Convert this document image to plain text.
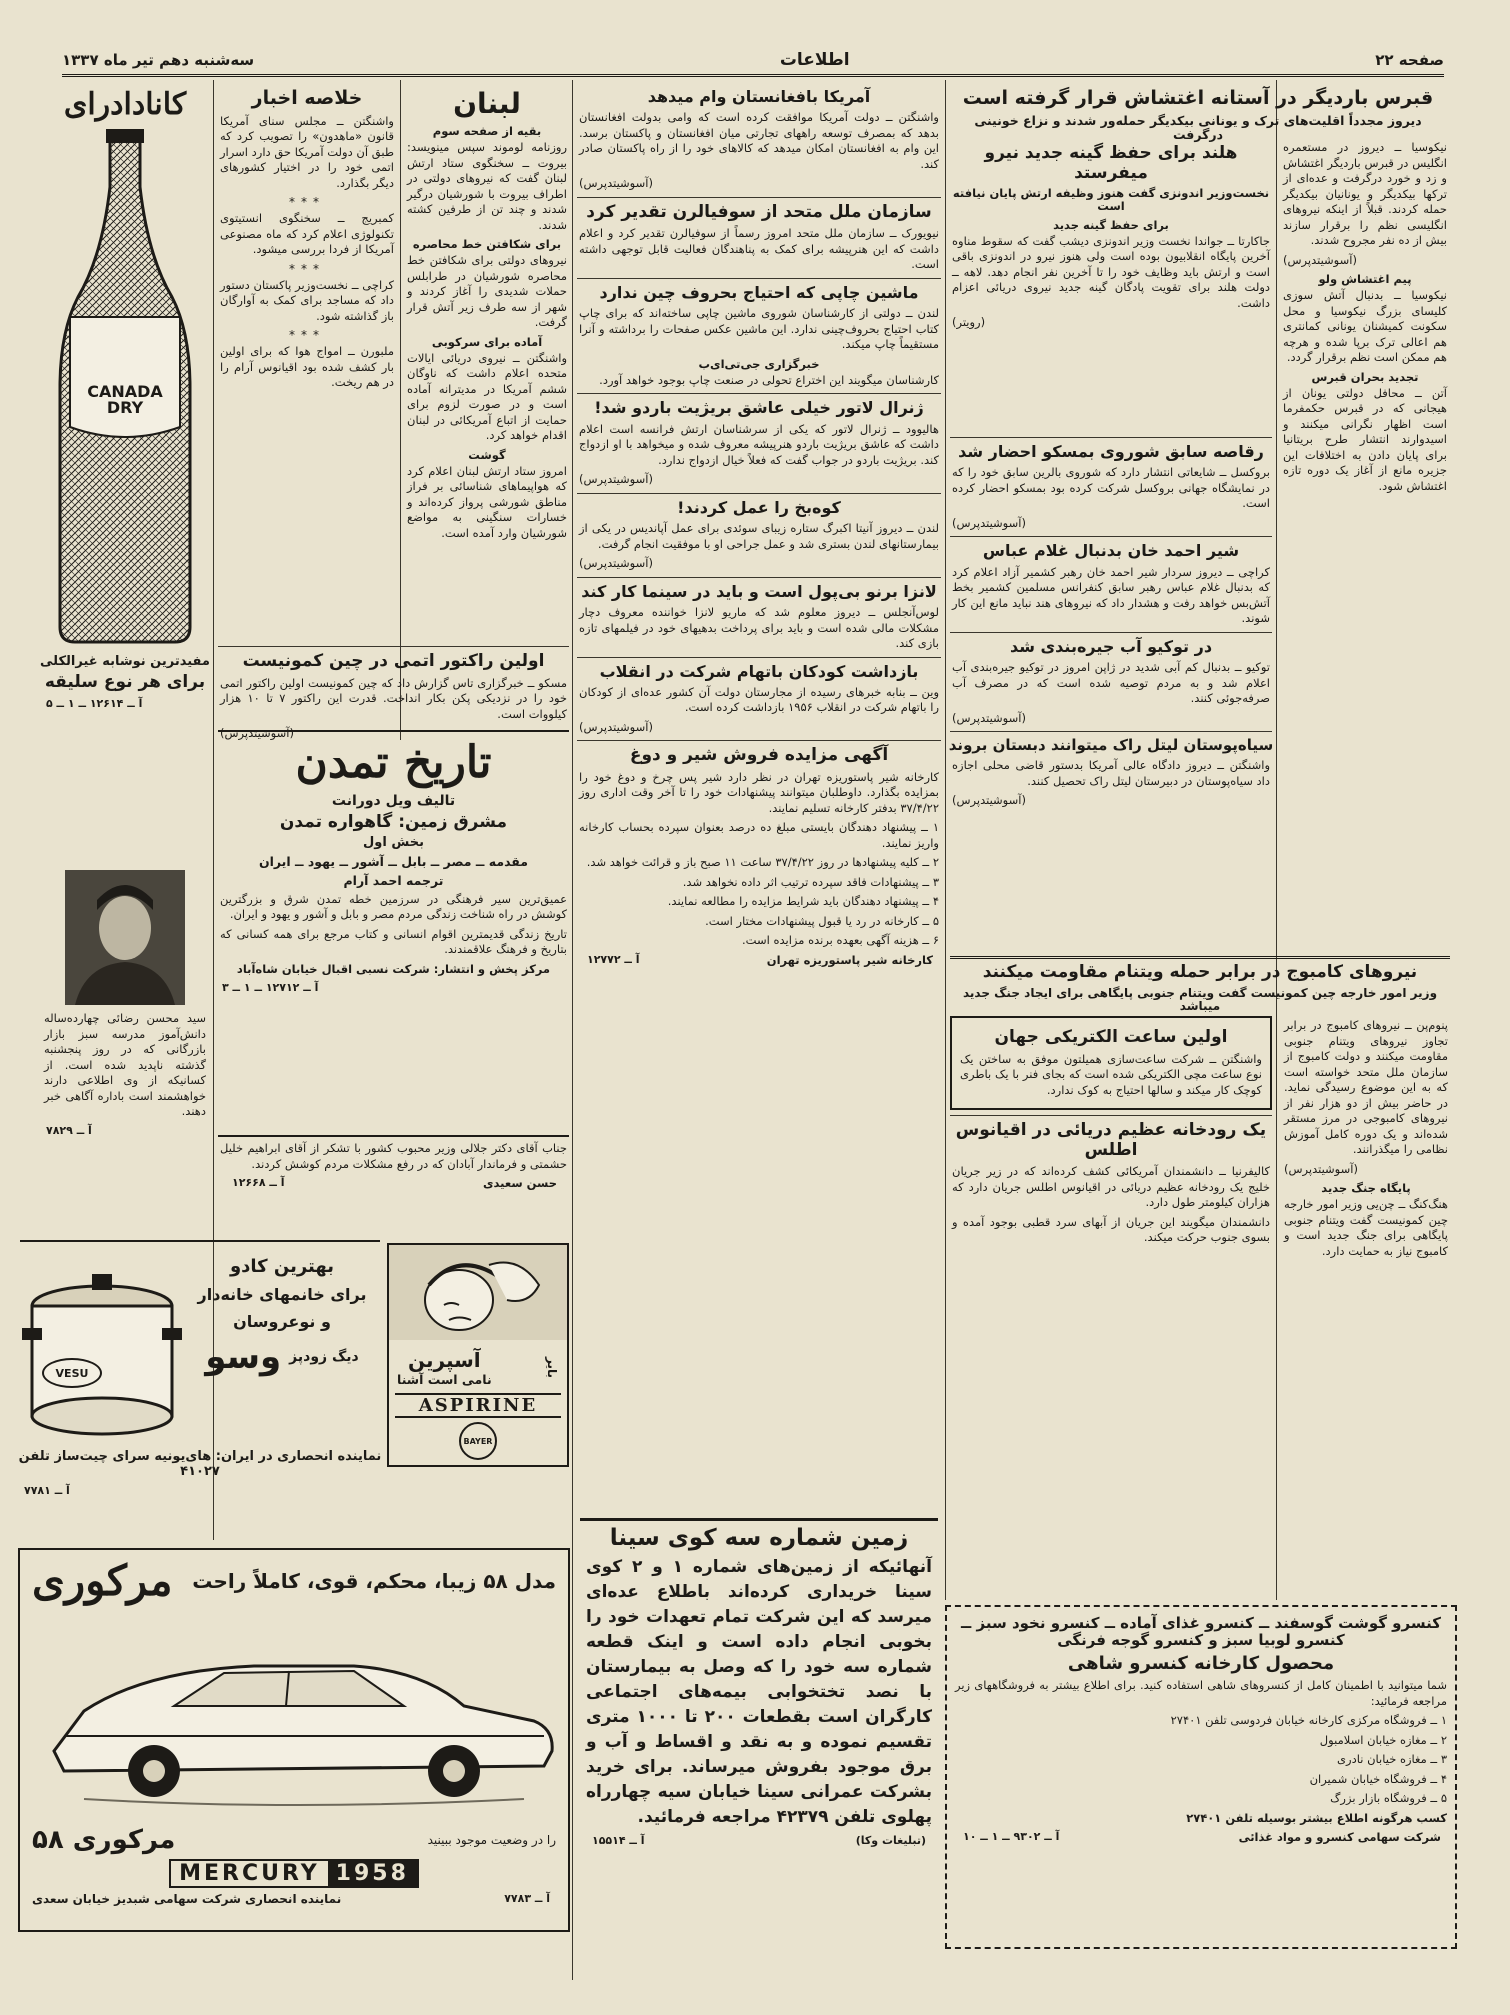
صفحه ۲۲
اطلاعات
سه‌شنبه دهم تیر ماه ۱۳۳۷
قبرس باردیگر در آستانه اغتشاش قرار گرفته است
دیروز مجدداً اقلیت‌های ترک و یونانی بیکدیگر حمله‌ور شدند و نزاع خونینی درگرفت
هلند برای حفظ گینه جدید نیرو میفرستد
نخست‌وزیر اندونزی گفت هنوز وظیفه ارتش پایان نیافته است
برای حفظ گینه جدید

جاکارتا ــ جواندا نخست وزیر اندونزی دیشب گفت که سقوط مناوه آخرین پایگاه انقلابیون بوده است ولی هنوز نیرو در اندونزی باقی است و ارتش باید وظایف خود را تا آخرین نفر انجام دهد. لاهه ــ دولت هلند برای تقویت پادگان گینه جدید نیروی دریائی اعزام داشت.

(رویتر)

نیکوسیا ــ دیروز در مستعمره انگلیس در قبرس باردیگر اغتشاش و زد و خورد درگرفت و عده‌ای از ترکها بیکدیگر و یونانیان بیکدیگر حمله کردند. قبلاً از اینکه نیروهای انگلیسی نظم را برقرار سازند بیش از ده نفر مجروح شدند.

(آسوشیتدپرس)

پیم اغتشاش ولو

نیکوسیا ــ بدنبال آتش سوزی کلیسای بزرگ نیکوسیا و محل سکونت کمیشنان یونانی کمانتری هم اعالی ترک برپا شده و هرچه هم ممکن است نظم برقرار گردد.

تجدید بحران قبرس

آتن ــ محافل دولتی یونان از هیجانی که در قبرس حکمفرما است اظهار نگرانی میکنند و اسیدوارند انتشار طرح بریتانیا برای پایان دادن به اختلافات این جزیره مانع از آغاز یک دوره تازه اغتشاش شود.

رقاصه سابق شوروی بمسکو احضار شد

بروکسل ــ شایعاتی انتشار دارد که شوروی بالرین سابق خود را که در نمایشگاه جهانی بروکسل شرکت کرده بود بمسکو احضار کرده است.

(آسوشیتدپرس)

شیر احمد خان بدنبال غلام عباس

کراچی ــ دیروز سردار شیر احمد خان رهبر کشمیر آزاد اعلام کرد که بدنبال غلام عباس رهبر سابق کنفرانس مسلمین کشمیر بخط آتش‌بس خواهد رفت و هشدار داد که نیروهای هند نباید مانع این کار شوند.

در توکیو آب جیره‌بندی شد

توکیو ــ بدنبال کم آبی شدید در ژاپن امروز در توکیو جیره‌بندی آب اعلام شد و به مردم توصیه شده است که در مصرف آب صرفه‌جوئی کنند.

(آسوشیتدپرس)

سیاه‌پوستان لیتل راک میتوانند دبستان بروند

واشنگتن ــ دیروز دادگاه عالی آمریکا بدستور قاضی محلی اجازه داد سیاه‌پوستان در دبیرستان لیتل راک تحصیل کنند.

(آسوشیتدپرس)

نیروهای کامبوج در برابر حمله ویتنام مقاومت میکنند
وزیر امور خارجه چین کمونیست گفت ویتنام جنوبی پایگاهی برای ایجاد جنگ جدید میباشد

پنوم‌پن ــ نیروهای کامبوج در برابر تجاوز نیروهای ویتنام جنوبی مقاومت میکنند و دولت کامبوج از سازمان ملل متحد خواسته است که به این موضوع رسیدگی نماید. در حاضر بیش از دو هزار نفر از نیروهای کامبوجی در مرز مستقر شده‌اند و یک دوره کامل آموزش نظامی را میگذرانند.

(آسوشیتدپرس)

پایگاه جنگ جدید

هنگ‌کنگ ــ چن‌یی وزیر امور خارجه چین کمونیست گفت ویتنام جنوبی پایگاهی برای جنگ جدید است و کامبوج نیاز به حمایت دارد.

اولین ساعت الکتریکی جهان

واشنگتن ــ شرکت ساعت‌سازی همیلتون موفق به ساختن یک نوع ساعت مچی الکتریکی شده است که بجای فنر با یک باطری کوچک کار میکند و سالها احتیاج به کوک ندارد.

یک رودخانه عظیم دریائی در اقیانوس اطلس

کالیفرنیا ــ دانشمندان آمریکائی کشف کرده‌اند که در زیر جریان خلیج یک رودخانه عظیم دریائی در اقیانوس اطلس جریان دارد که هزاران کیلومتر طول دارد.

دانشمندان میگویند این جریان از آبهای سرد قطبی بوجود آمده و بسوی جنوب حرکت میکند.

آمریکا بافغانستان وام میدهد

واشنگتن ــ دولت آمریکا موافقت کرده است که وامی بدولت افغانستان بدهد که بمصرف توسعه راههای تجارتی میان افغانستان و پاکستان برسد. این وام به افغانستان امکان میدهد که کالاهای خود را از راه پاکستان صادر کند.

(آسوشیتدپرس)

سازمان ملل متحد از سوفیالرن تقدیر کرد

نیویورک ــ سازمان ملل متحد امروز رسماً از سوفیالرن تقدیر کرد و اعلام داشت که این هنرپیشه برای کمک به پناهندگان فعالیت قابل توجهی داشته است.

ماشین چاپی که احتیاج بحروف چین ندارد

لندن ــ دولتی از کارشناسان شوروی ماشین چاپی ساخته‌اند که برای چاپ کتاب احتیاج بحروف‌چینی ندارد. این ماشین عکس صفحات را برداشته و آنرا مستقیماً چاپ میکند.

خبرگزاری جی‌تی‌ای‌ب

کارشناسان میگویند این اختراع تحولی در صنعت چاپ بوجود خواهد آورد.

ژنرال لاتور خیلی عاشق بریژیت باردو شد!

هالیوود ــ ژنرال لاتور که یکی از سرشناسان ارتش فرانسه است اعلام داشت که عاشق بریژیت باردو هنرپیشه معروف شده و میخواهد با او ازدواج کند. بریژیت باردو در جواب گفت که فعلاً خیال ازدواج ندارد.

(آسوشیتدپرس)

کوه‌بخ را عمل کردند!

لندن ــ دیروز آنیتا اکبرگ ستاره زیبای سوئدی برای عمل آپاندیس در یکی از بیمارستانهای لندن بستری شد و عمل جراحی او با موفقیت انجام گرفت.

(آسوشیتدپرس)

لانزا برنو بی‌پول است و باید در سینما کار کند

لوس‌آنجلس ــ دیروز معلوم شد که ماریو لانزا خواننده معروف دچار مشکلات مالی شده است و باید برای پرداخت بدهیهای خود در فیلمهای تازه بازی کند.

بازداشت کودکان باتهام شرکت در انقلاب

وین ــ بنابه خبرهای رسیده از مجارستان دولت آن کشور عده‌ای از کودکان را باتهام شرکت در انقلاب ۱۹۵۶ بازداشت کرده است.

(آسوشیتدپرس)

آگهی مزایده فروش شیر و دوغ

کارخانه شیر پاستوریزه تهران در نظر دارد شیر پس چرخ و دوغ خود را بمزایده بگذارد. داوطلبان میتوانند پیشنهادات خود را تا آخر وقت اداری روز ۳۷/۴/۲۲ بدفتر کارخانه تسلیم نمایند.

۱ ــ پیشنهاد دهندگان بایستی مبلغ ده درصد بعنوان سپرده بحساب کارخانه واریز نمایند.

۲ ــ کلیه پیشنهادها در روز ۳۷/۴/۲۲ ساعت ۱۱ صبح باز و قرائت خواهد شد.

۳ ــ پیشنهادات فاقد سپرده ترتیب اثر داده نخواهد شد.

۴ ــ پیشنهاد دهندگان باید شرایط مزایده را مطالعه نمایند.

۵ ــ کارخانه در رد یا قبول پیشنهادات مختار است.

۶ ــ هزینه آگهی بعهده برنده مزایده است.

کارخانه شیر پاستوریزه تهران
آ ــ ۱۲۷۷۲
زمین شماره سه کوی سینا

آنهائیکه از زمین‌های شماره ۱ و ۲ کوی سینا خریداری کرده‌اند باطلاع عده‌ای میرسد که این شرکت تمام تعهدات خود را بخوبی انجام داده است و اینک قطعه شماره سه خود را که وصل به بیمارستان با نصد تختخوابی بیمه‌های اجتماعی کارگران است بقطعات ۲۰۰ تا ۱۰۰۰ متری تقسیم نموده و به نقد و اقساط و آب و برق موجود بفروش میرساند. برای خرید بشرکت عمرانی سینا خیابان سیه چهارراه پهلوی تلفن ۴۲۳۷۹ مراجعه فرمائید.

(تبلیغات وکا)
آ ــ ۱۵۵۱۴
کنسرو گوشت گوسفند ــ کنسرو غذای آماده ــ کنسرو نخود سبز ــ کنسرو لوبیا سبز و کنسرو گوجه فرنگی
محصول کارخانه کنسرو شاهی

شما میتوانید با اطمینان کامل از کنسروهای شاهی استفاده کنید. برای اطلاع بیشتر به فروشگاههای زیر مراجعه فرمائید:

۱ ــ فروشگاه مرکزی کارخانه خیابان فردوسی تلفن ۲۷۴۰۱

۲ ــ مغازه خیابان اسلامبول

۳ ــ مغازه خیابان نادری

۴ ــ فروشگاه خیابان شمیران

۵ ــ فروشگاه بازار بزرگ

کسب هرگونه اطلاع بیشتر بوسیله تلفن ۲۷۴۰۱

شرکت سهامی کنسرو و مواد غذائی
آ ــ ۹۳۰۲ ــ ۱ ــ ۱۰
لبنان
بقیه از صفحه سوم

روزنامه لوموند سپس مینویسد: بیروت ــ سخنگوی ستاد ارتش لبنان گفت که نیروهای دولتی در اطراف بیروت با شورشیان درگیر شدند و چند تن از طرفین کشته شدند.

برای شکافتن خط محاصره

نیروهای دولتی برای شکافتن خط محاصره شورشیان در طرابلس حملات شدیدی را آغاز کردند و شهر از سه طرف زیر آتش قرار گرفت.

آماده برای سرکوبی

واشنگتن ــ نیروی دریائی ایالات متحده اعلام داشت که ناوگان ششم آمریکا در مدیترانه آماده است و در صورت لزوم برای حمایت از اتباع آمریکائی در لبنان اقدام خواهد کرد.

گوشت

امروز ستاد ارتش لبنان اعلام کرد که هواپیماهای شناسائی بر فراز مناطق شورشی پرواز کرده‌اند و خسارات سنگینی به مواضع شورشیان وارد آمده است.

خلاصه اخبار

واشنگتن ــ مجلس سنای آمریکا قانون «ماهدون» را تصویب کرد که طبق آن دولت آمریکا حق دارد اسرار اتمی خود را در اختیار کشورهای دیگر بگذارد.

***

کمبریج ــ سخنگوی انستیتوی تکنولوژی اعلام کرد که ماه مصنوعی آمریکا از فردا بررسی میشود.

***

کراچی ــ نخست‌وزیر پاکستان دستور داد که مساجد برای کمک به آوارگان باز گذاشته شود.

***

ملبورن ــ امواج هوا که برای اولین بار کشف شده بود اقیانوس آرام را در هم ریخت.

اولین راکتور اتمی در چین کمونیست

مسکو ــ خبرگزاری تاس گزارش داد که چین کمونیست اولین راکتور اتمی خود را در نزدیکی پکن بکار انداخت. قدرت این راکتور ۷ تا ۱۰ هزار کیلووات است.

(آسوشیتدپرس)

تاریخ تمدن
تالیف ویل دورانت
مشرق زمین: گاهواره تمدن
بخش اول
مقدمه ــ مصر ــ بابل ــ آشور ــ یهود ــ ایران
ترجمه احمد آرام

عمیق‌ترین سیر فرهنگی در سرزمین خطه تمدن شرق و بزرگترین کوشش در راه شناخت زندگی مردم مصر و بابل و آشور و یهود و ایران.

تاریخ زندگی قدیمترین اقوام انسانی و کتاب مرجع برای همه کسانی که بتاریخ و فرهنگ علاقمندند.

مرکز پخش و انتشار: شرکت نسبی اقبال خیابان شاه‌آباد

آ ــ ۱۲۷۱۲ ــ ۱ ــ ۳

جناب آقای دکتر جلالی وزیر محبوب کشور با تشکر از آقای ابراهیم خلیل حشمتی و فرماندار آبادان که در رفع مشکلات مردم کوشش کردند.

حسن سعیدی
آ ــ ۱۲۶۶۸
بایر
آسپرین
نامی است آشنا
ASPIRINE
BAYER
کانادادرای
CANADA DRY
مفیدترین نوشابه غیرالکلی
برای هر نوع سلیقه
آ ــ ۱۲۶۱۴ ــ ۱ ــ ۵

سید محسن رضائی چهارده‌ساله دانش‌آموز مدرسه سبز بازار بازرگانی که در روز پنجشنبه گذشته ناپدید شده است. از کسانیکه از وی اطلاعی دارند خواهشمند است باداره آگاهی خبر دهند.

آ ــ ۷۸۲۹
بهترین کادو
برای خانمهای خانه‌دار
و نوعروسان
دیگ زودپز
وسو
VESU
نماینده انحصاری در ایران: های‌یونیه سرای چیت‌ساز تلفن ۴۱۰۲۷
آ ــ ۷۷۸۱
مدل ۵۸ زیبا، محکم، قوی، کاملاً راحت
مرکوری
را در وضعیت موجود ببینید
مرکوری ۵۸
MERCURY 1958
آ ــ ۷۷۸۳
نماینده انحصاری شرکت سهامی شبدیز خیابان سعدی
